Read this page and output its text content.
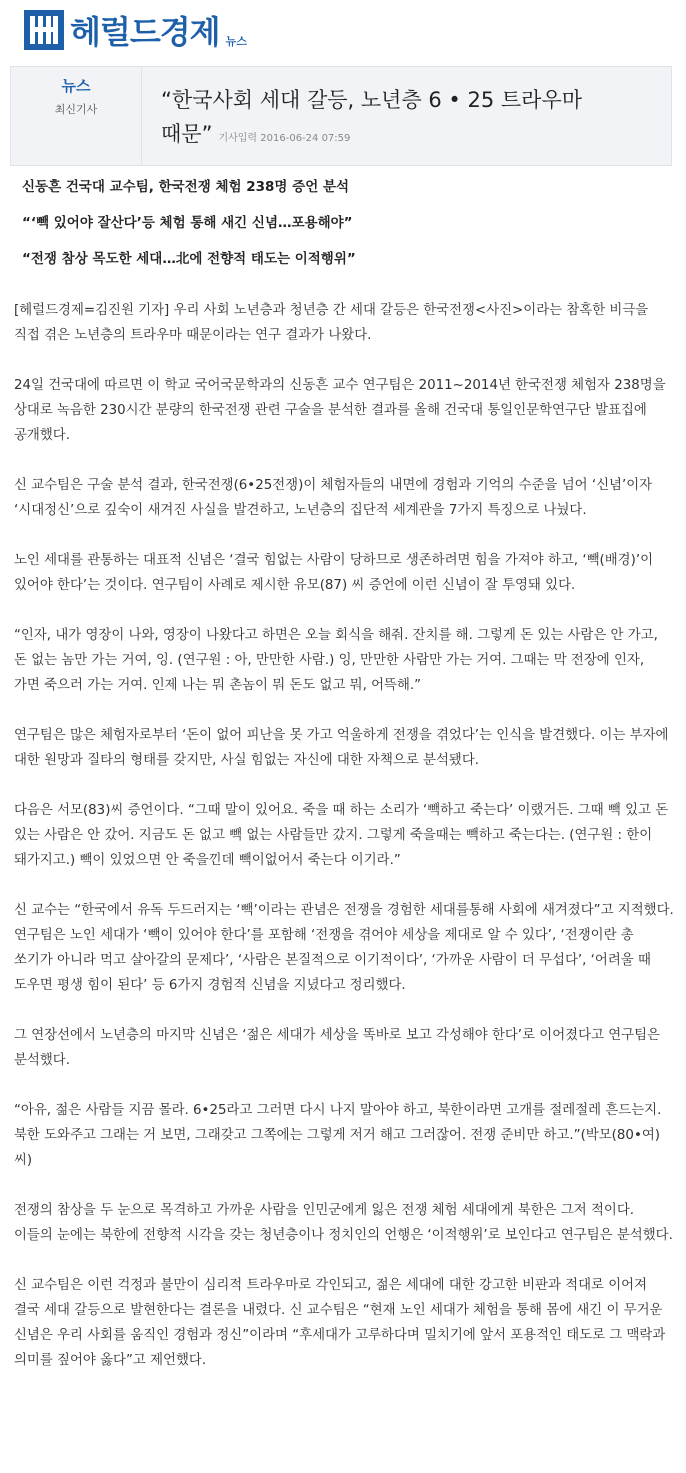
헤럴드경제 뉴스
뉴스
최신기사	“한국사회 세대 갈등, 노년층 6 • 25 트라우마 때문” 기사입력 2016-06-24 07:59
신동흔 건국대 교수팀, 한국전쟁 체험 238명 증언 분석
“‘빽 있어야 잘산다’등 체험 통해 새긴 신념…포용해야”
“전쟁 참상 목도한 세대…北에 전향적 태도는 이적행위”

[헤럴드경제=김진원 기자] 우리 사회 노년층과 청년층 간 세대 갈등은 한국전쟁<사진>이라는 참혹한 비극을 직접 겪은 노년층의 트라우마 때문이라는 연구 결과가 나왔다.

24일 건국대에 따르면 이 학교 국어국문학과의 신동흔 교수 연구팀은 2011~2014년 한국전쟁 체험자 238명을 상대로 녹음한 230시간 분량의 한국전쟁 관련 구술을 분석한 결과를 올해 건국대 통일인문학연구단 발표집에 공개했다.

신 교수팀은 구술 분석 결과, 한국전쟁(6•25전쟁)이 체험자들의 내면에 경험과 기억의 수준을 넘어 ‘신념’이자 ‘시대정신’으로 깊숙이 새겨진 사실을 발견하고, 노년층의 집단적 세계관을 7가지 특징으로 나눴다.

노인 세대를 관통하는 대표적 신념은 ‘결국 힘없는 사람이 당하므로 생존하려면 힘을 가져야 하고, ‘빽(배경)’이 있어야 한다’는 것이다. 연구팀이 사례로 제시한 유모(87) 씨 증언에 이런 신념이 잘 투영돼 있다.

“인자, 내가 영장이 나와, 영장이 나왔다고 하면은 오늘 회식을 해줘. 잔치를 해. 그렇게 돈 있는 사람은 안 가고, 돈 없는 놈만 가는 거여, 잉. (연구원 : 아, 만만한 사람.) 잉, 만만한 사람만 가는 거여. 그때는 막 전장에 인자, 가면 죽으러 가는 거여. 인제 나는 뭐 촌놈이 뭐 돈도 없고 뭐, 어뜩해.”

연구팀은 많은 체험자로부터 ‘돈이 없어 피난을 못 가고 억울하게 전쟁을 겪었다’는 인식을 발견했다. 이는 부자에 대한 원망과 질타의 형태를 갖지만, 사실 힘없는 자신에 대한 자책으로 분석됐다.

다음은 서모(83)씨 증언이다. “그때 말이 있어요. 죽을 때 하는 소리가 ‘빽하고 죽는다’ 이랬거든. 그때 빽 있고 돈 있는 사람은 안 갔어. 지금도 돈 없고 빽 없는 사람들만 갔지. 그렇게 죽을때는 빽하고 죽는다는. (연구원 : 한이 돼가지고.) 빽이 있었으면 안 죽을낀데 빽이없어서 죽는다 이기라.”

신 교수는 “한국에서 유독 두드러지는 ‘빽’이라는 관념은 전쟁을 경험한 세대를통해 사회에 새겨졌다”고 지적했다. 연구팀은 노인 세대가 ‘빽이 있어야 한다’를 포함해 ‘전쟁을 겪어야 세상을 제대로 알 수 있다’, ‘전쟁이란 총 쏘기가 아니라 먹고 살아갈의 문제다’, ‘사람은 본질적으로 이기적이다’, ‘가까운 사람이 더 무섭다’, ‘어려울 때 도우면 평생 힘이 된다’ 등 6가지 경험적 신념을 지녔다고 정리했다.

그 연장선에서 노년층의 마지막 신념은 ‘젊은 세대가 세상을 똑바로 보고 각성해야 한다’로 이어졌다고 연구팀은 분석했다.

“아유, 젊은 사람들 지끔 몰라. 6•25라고 그러면 다시 나지 말아야 하고, 북한이라면 고개를 절레절레 흔드는지. 북한 도와주고 그래는 거 보면, 그래갖고 그쪽에는 그렇게 저거 해고 그러잖어. 전쟁 준비만 하고.”(박모(80•여)씨)

전쟁의 참상을 두 눈으로 목격하고 가까운 사람을 인민군에게 잃은 전쟁 체험 세대에게 북한은 그저 적이다. 이들의 눈에는 북한에 전향적 시각을 갖는 청년층이나 정치인의 언행은 ‘이적행위’로 보인다고 연구팀은 분석했다.

신 교수팀은 이런 걱정과 불만이 심리적 트라우마로 각인되고, 젊은 세대에 대한 강고한 비판과 적대로 이어져 결국 세대 갈등으로 발현한다는 결론을 내렸다. 신 교수팀은 “현재 노인 세대가 체험을 통해 몸에 새긴 이 무거운 신념은 우리 사회를 움직인 경험과 정신”이라며 “후세대가 고루하다며 밀치기에 앞서 포용적인 태도로 그 맥락과 의미를 짚어야 옳다”고 제언했다.
